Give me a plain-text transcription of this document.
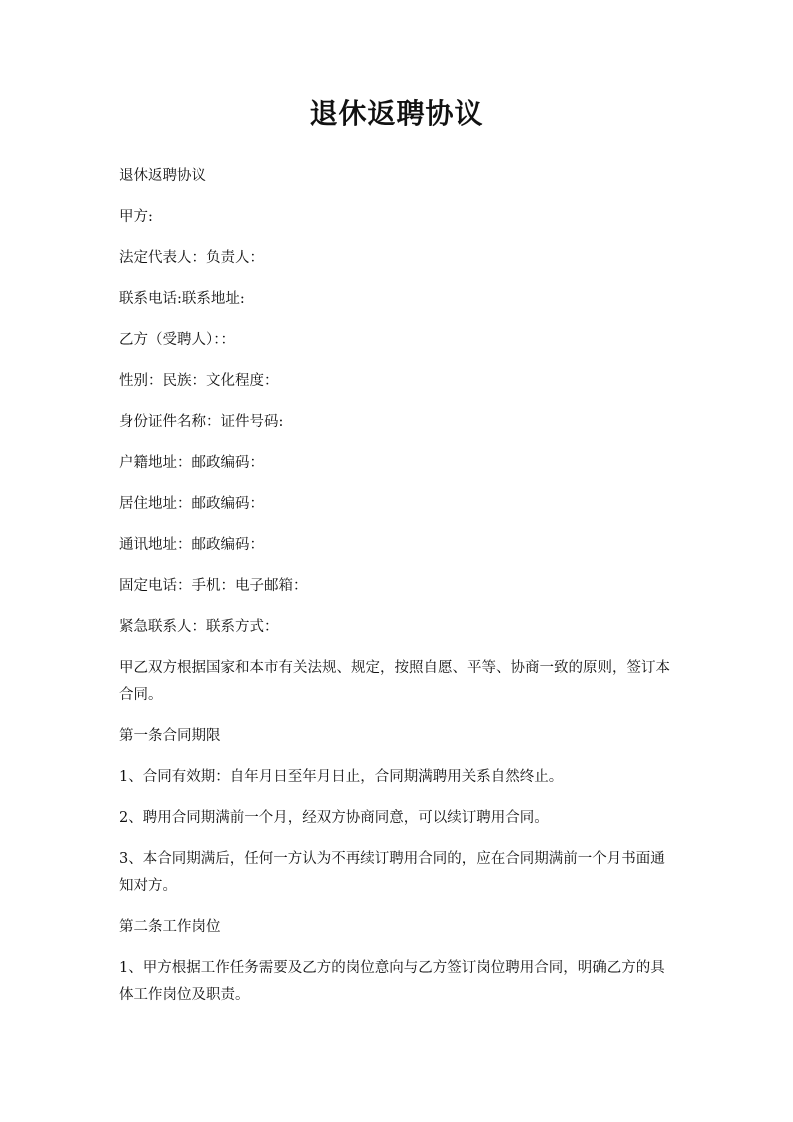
退休返聘协议

退休返聘协议

甲方:

法定代表人：负责人：

联系电话:联系地址:

乙方（受聘人）：：

性别：民族：文化程度：

身份证件名称：证件号码:

户籍地址：邮政编码：

居住地址：邮政编码：

通讯地址：邮政编码：

固定电话：手机：电子邮箱：

紧急联系人：联系方式：

甲乙双方根据国家和本市有关法规、规定，按照自愿、平等、协商一致的原则，签订本合同。

第一条合同期限

1、合同有效期：自年月日至年月日止，合同期满聘用关系自然终止。

2、聘用合同期满前一个月，经双方协商同意，可以续订聘用合同。

3、本合同期满后，任何一方认为不再续订聘用合同的，应在合同期满前一个月书面通知对方。

第二条工作岗位

1、甲方根据工作任务需要及乙方的岗位意向与乙方签订岗位聘用合同，明确乙方的具体工作岗位及职责。
